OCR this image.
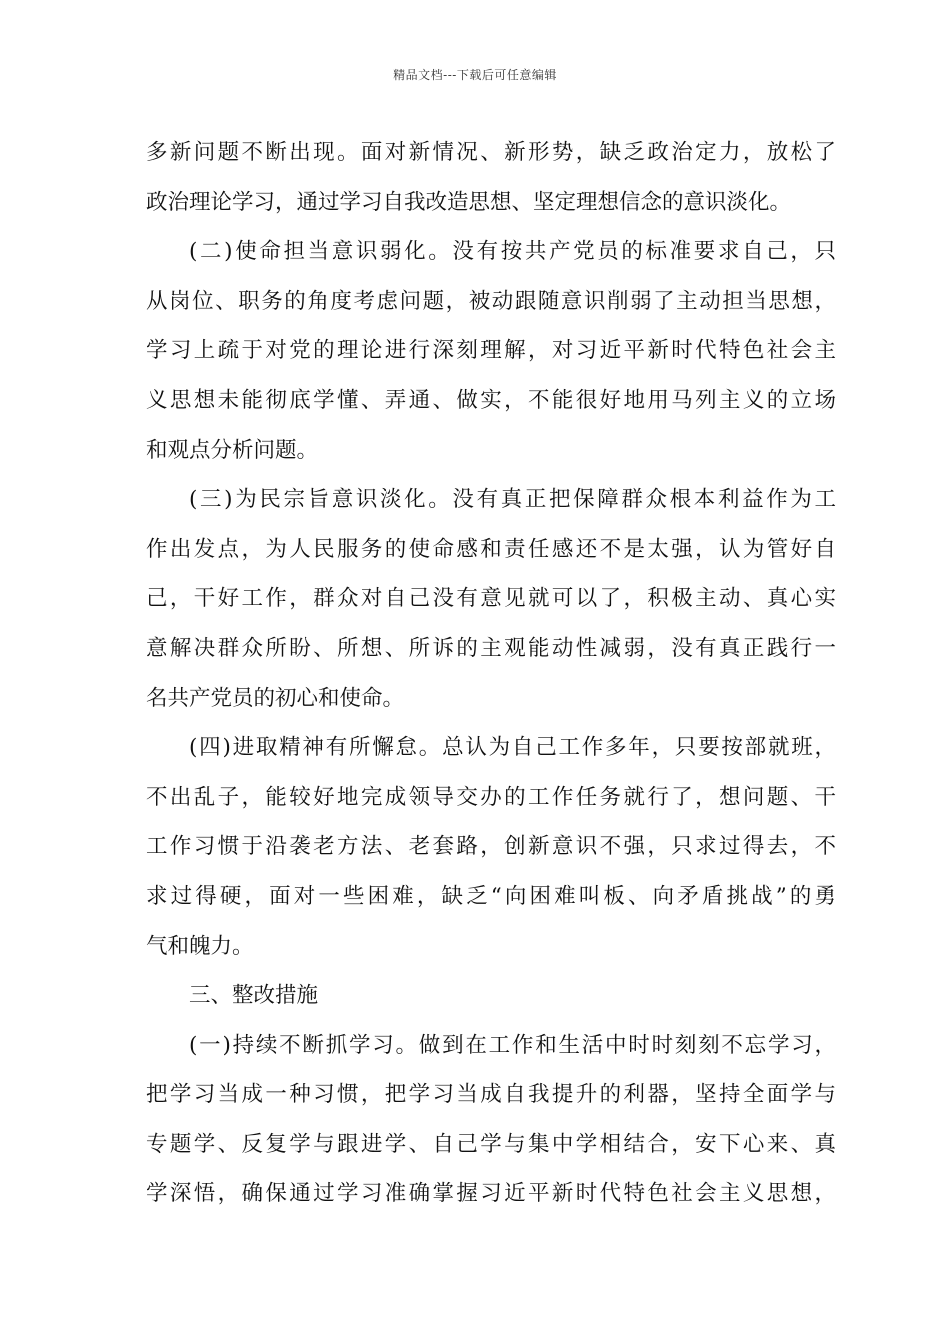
精品文档---下载后可任意编辑
多新问题不断出现。面对新情况、新形势，缺乏政治定力，放松了
政治理论学习，通过学习自我改造思想、坚定理想信念的意识淡化。
(二)使命担当意识弱化。没有按共产党员的标准要求自己，只
从岗位、职务的角度考虑问题，被动跟随意识削弱了主动担当思想，
学习上疏于对党的理论进行深刻理解，对习近平新时代特色社会主
义思想未能彻底学懂、弄通、做实，不能很好地用马列主义的立场
和观点分析问题。
(三)为民宗旨意识淡化。没有真正把保障群众根本利益作为工
作出发点，为人民服务的使命感和责任感还不是太强，认为管好自
己，干好工作，群众对自己没有意见就可以了，积极主动、真心实
意解决群众所盼、所想、所诉的主观能动性减弱，没有真正践行一
名共产党员的初心和使命。
(四)进取精神有所懈怠。总认为自己工作多年，只要按部就班，
不出乱子，能较好地完成领导交办的工作任务就行了，想问题、干
工作习惯于沿袭老方法、老套路，创新意识不强，只求过得去，不
求过得硬，面对一些困难，缺乏“向困难叫板、向矛盾挑战”的勇
气和魄力。
三、整改措施
(一)持续不断抓学习。做到在工作和生活中时时刻刻不忘学习，
把学习当成一种习惯，把学习当成自我提升的利器，坚持全面学与
专题学、反复学与跟进学、自己学与集中学相结合，安下心来、真
学深悟，确保通过学习准确掌握习近平新时代特色社会主义思想，
